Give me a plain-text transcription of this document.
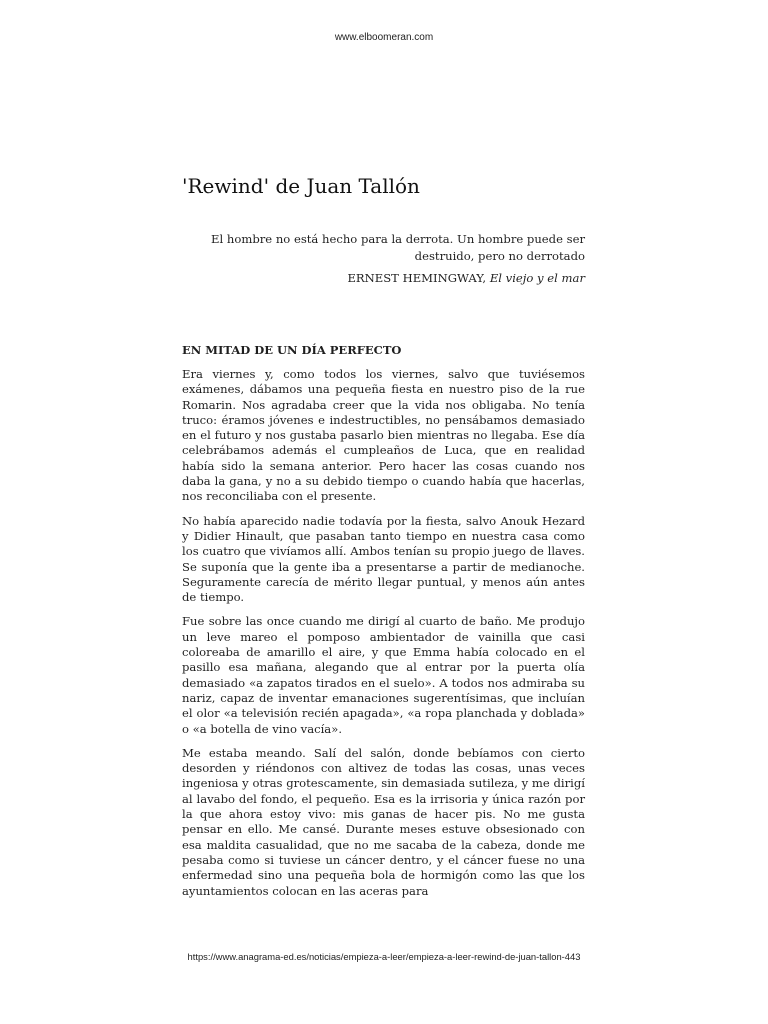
www.elboomeran.com
'Rewind' de Juan Tallón
El hombre no está hecho para la derrota. Un hombre puede ser destruido, pero no derrotado
ERNEST HEMINGWAY, El viejo y el mar
EN MITAD DE UN DÍA PERFECTO

Era viernes y, como todos los viernes, salvo que tuviésemos exámenes, dábamos una pequeña fiesta en nuestro piso de la rue Romarin. Nos agradaba creer que la vida nos obligaba. No tenía truco: éramos jóvenes e indestructibles, no pensábamos demasiado en el futuro y nos gustaba pasarlo bien mientras no llegaba. Ese día celebrábamos además el cumpleaños de Luca, que en realidad había sido la semana anterior. Pero hacer las cosas cuando nos daba la gana, y no a su debido tiempo o cuando había que hacerlas, nos reconciliaba con el presente.

No había aparecido nadie todavía por la fiesta, salvo Anouk Hezard y Didier Hinault, que pasaban tanto tiempo en nuestra casa como los cuatro que vivíamos allí. Ambos tenían su propio juego de llaves. Se suponía que la gente iba a presentarse a partir de medianoche. Seguramente carecía de mérito llegar puntual, y menos aún antes de tiempo.

Fue sobre las once cuando me dirigí al cuarto de baño. Me produjo un leve mareo el pomposo ambientador de vainilla que casi coloreaba de amarillo el aire, y que Emma había colocado en el pasillo esa mañana, alegando que al entrar por la puerta olía demasiado «a zapatos tirados en el suelo». A todos nos admiraba su nariz, capaz de inventar emanaciones sugerentísimas, que incluían el olor «a televisión recién apagada», «a ropa planchada y doblada» o «a botella de vino vacía».

Me estaba meando. Salí del salón, donde bebíamos con cierto desorden y riéndonos con altivez de todas las cosas, unas veces ingeniosa y otras grotescamente, sin demasiada sutileza, y me dirigí al lavabo del fondo, el pequeño. Esa es la irrisoria y única razón por la que ahora estoy vivo: mis ganas de hacer pis. No me gusta pensar en ello. Me cansé. Durante meses estuve obsesionado con esa maldita casualidad, que no me sacaba de la cabeza, donde me pesaba como si tuviese un cáncer dentro, y el cáncer fuese no una enfermedad sino una pequeña bola de hormigón como las que los ayuntamientos colocan en las aceras para

https://www.anagrama-ed.es/noticias/empieza-a-leer/empieza-a-leer-rewind-de-juan-tallon-443
